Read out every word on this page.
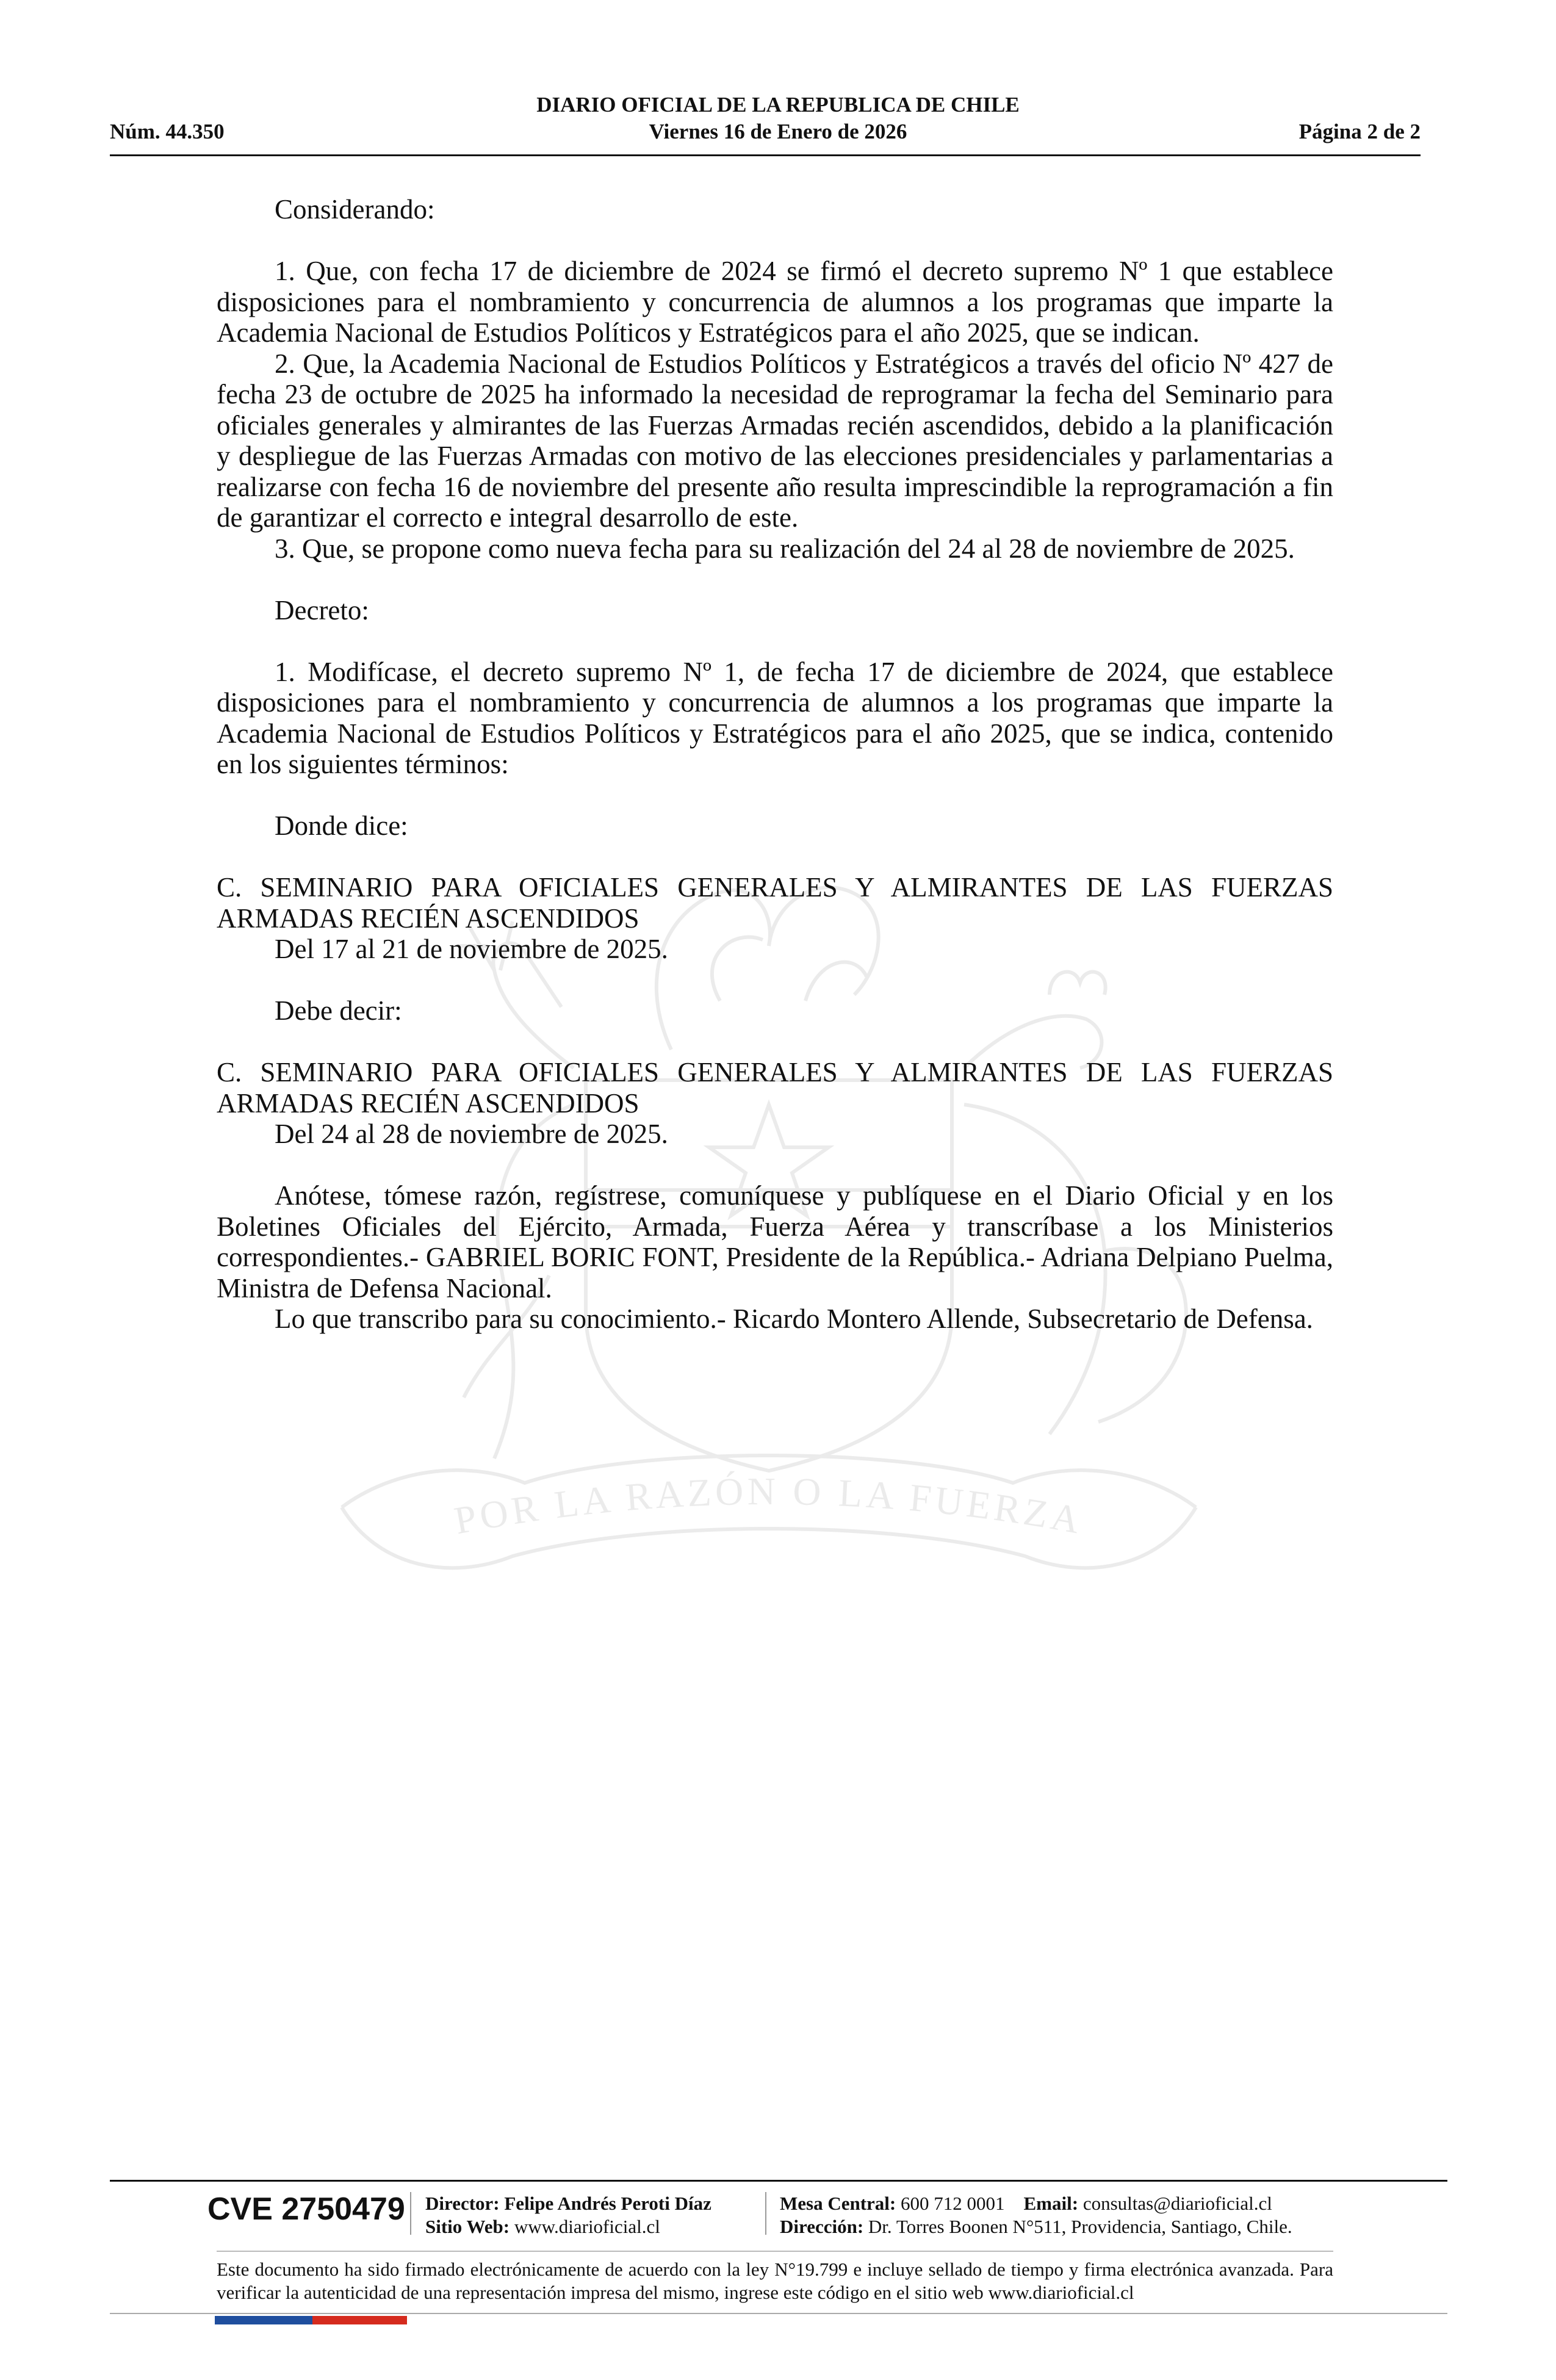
DIARIO OFICIAL DE LA REPUBLICA DE CHILE
Núm. 44.350	Viernes 16 de Enero de 2026	Página 2 de 2
POR LA RAZÓN O LA FUERZA

Considerando:

1. Que, con fecha 17 de diciembre de 2024 se firmó el decreto supremo Nº 1 que establece disposiciones para el nombramiento y concurrencia de alumnos a los programas que imparte la Academia Nacional de Estudios Políticos y Estratégicos para el año 2025, que se indican.

2. Que, la Academia Nacional de Estudios Políticos y Estratégicos a través del oficio Nº 427 de fecha 23 de octubre de 2025 ha informado la necesidad de reprogramar la fecha del Seminario para oficiales generales y almirantes de las Fuerzas Armadas recién ascendidos, debido a la planificación y despliegue de las Fuerzas Armadas con motivo de las elecciones presidenciales y parlamentarias a realizarse con fecha 16 de noviembre del presente año resulta imprescindible la reprogramación a fin de garantizar el correcto e integral desarrollo de este.

3. Que, se propone como nueva fecha para su realización del 24 al 28 de noviembre de 2025.

Decreto:

1. Modifícase, el decreto supremo Nº 1, de fecha 17 de diciembre de 2024, que establece disposiciones para el nombramiento y concurrencia de alumnos a los programas que imparte la Academia Nacional de Estudios Políticos y Estratégicos para el año 2025, que se indica, contenido en los siguientes términos:

Donde dice:

C. SEMINARIO PARA OFICIALES GENERALES Y ALMIRANTES DE LAS FUERZAS ARMADAS RECIÉN ASCENDIDOS

Del 17 al 21 de noviembre de 2025.

Debe decir:

C. SEMINARIO PARA OFICIALES GENERALES Y ALMIRANTES DE LAS FUERZAS ARMADAS RECIÉN ASCENDIDOS

Del 24 al 28 de noviembre de 2025.

Anótese, tómese razón, regístrese, comuníquese y publíquese en el Diario Oficial y en los Boletines Oficiales del Ejército, Armada, Fuerza Aérea y transcríbase a los Ministerios correspondientes.- GABRIEL BORIC FONT, Presidente de la República.- Adriana Delpiano Puelma, Ministra de Defensa Nacional.

Lo que transcribo para su conocimiento.- Ricardo Montero Allende, Subsecretario de Defensa.

CVE 2750479 Director: Felipe Andrés Peroti Díaz
Sitio Web: www.diarioficial.cl
Mesa Central: 600 712 0001 Email: consultas@diarioficial.cl
Dirección: Dr. Torres Boonen N°511, Providencia, Santiago, Chile.
Este documento ha sido firmado electrónicamente de acuerdo con la ley N°19.799 e incluye sellado de tiempo y firma electrónica avanzada. Para verificar la autenticidad de una representación impresa del mismo, ingrese este código en el sitio web www.diarioficial.cl
